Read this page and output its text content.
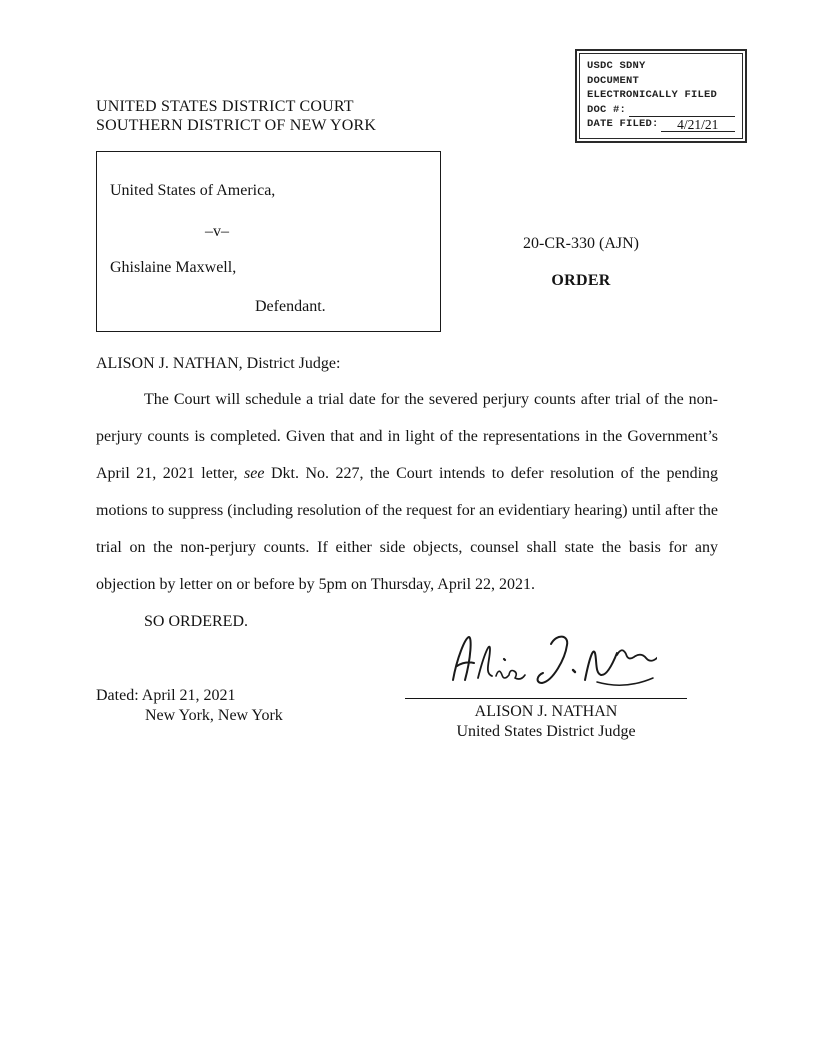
USDC SDNY
DOCUMENT
ELECTRONICALLY FILED
DOC #:
DATE FILED:	4/21/21
UNITED STATES DISTRICT COURT
SOUTHERN DISTRICT OF NEW YORK
United States of America,
–v–
Ghislaine Maxwell,
Defendant.
20-CR-330 (AJN)
ORDER
ALISON J. NATHAN, District Judge:

The Court will schedule a trial date for the severed perjury counts after trial of the non-perjury counts is completed. Given that and in light of the representations in the Government’s April 21, 2021 letter, see Dkt. No. 227, the Court intends to defer resolution of the pending motions to suppress (including resolution of the request for an evidentiary hearing) until after the trial on the non-perjury counts. If either side objects, counsel shall state the basis for any objection by letter on or before by 5pm on Thursday, April 22, 2021.

SO ORDERED.
Dated: April 21, 2021
New York, New York	ALISON J. NATHAN
United States District Judge
